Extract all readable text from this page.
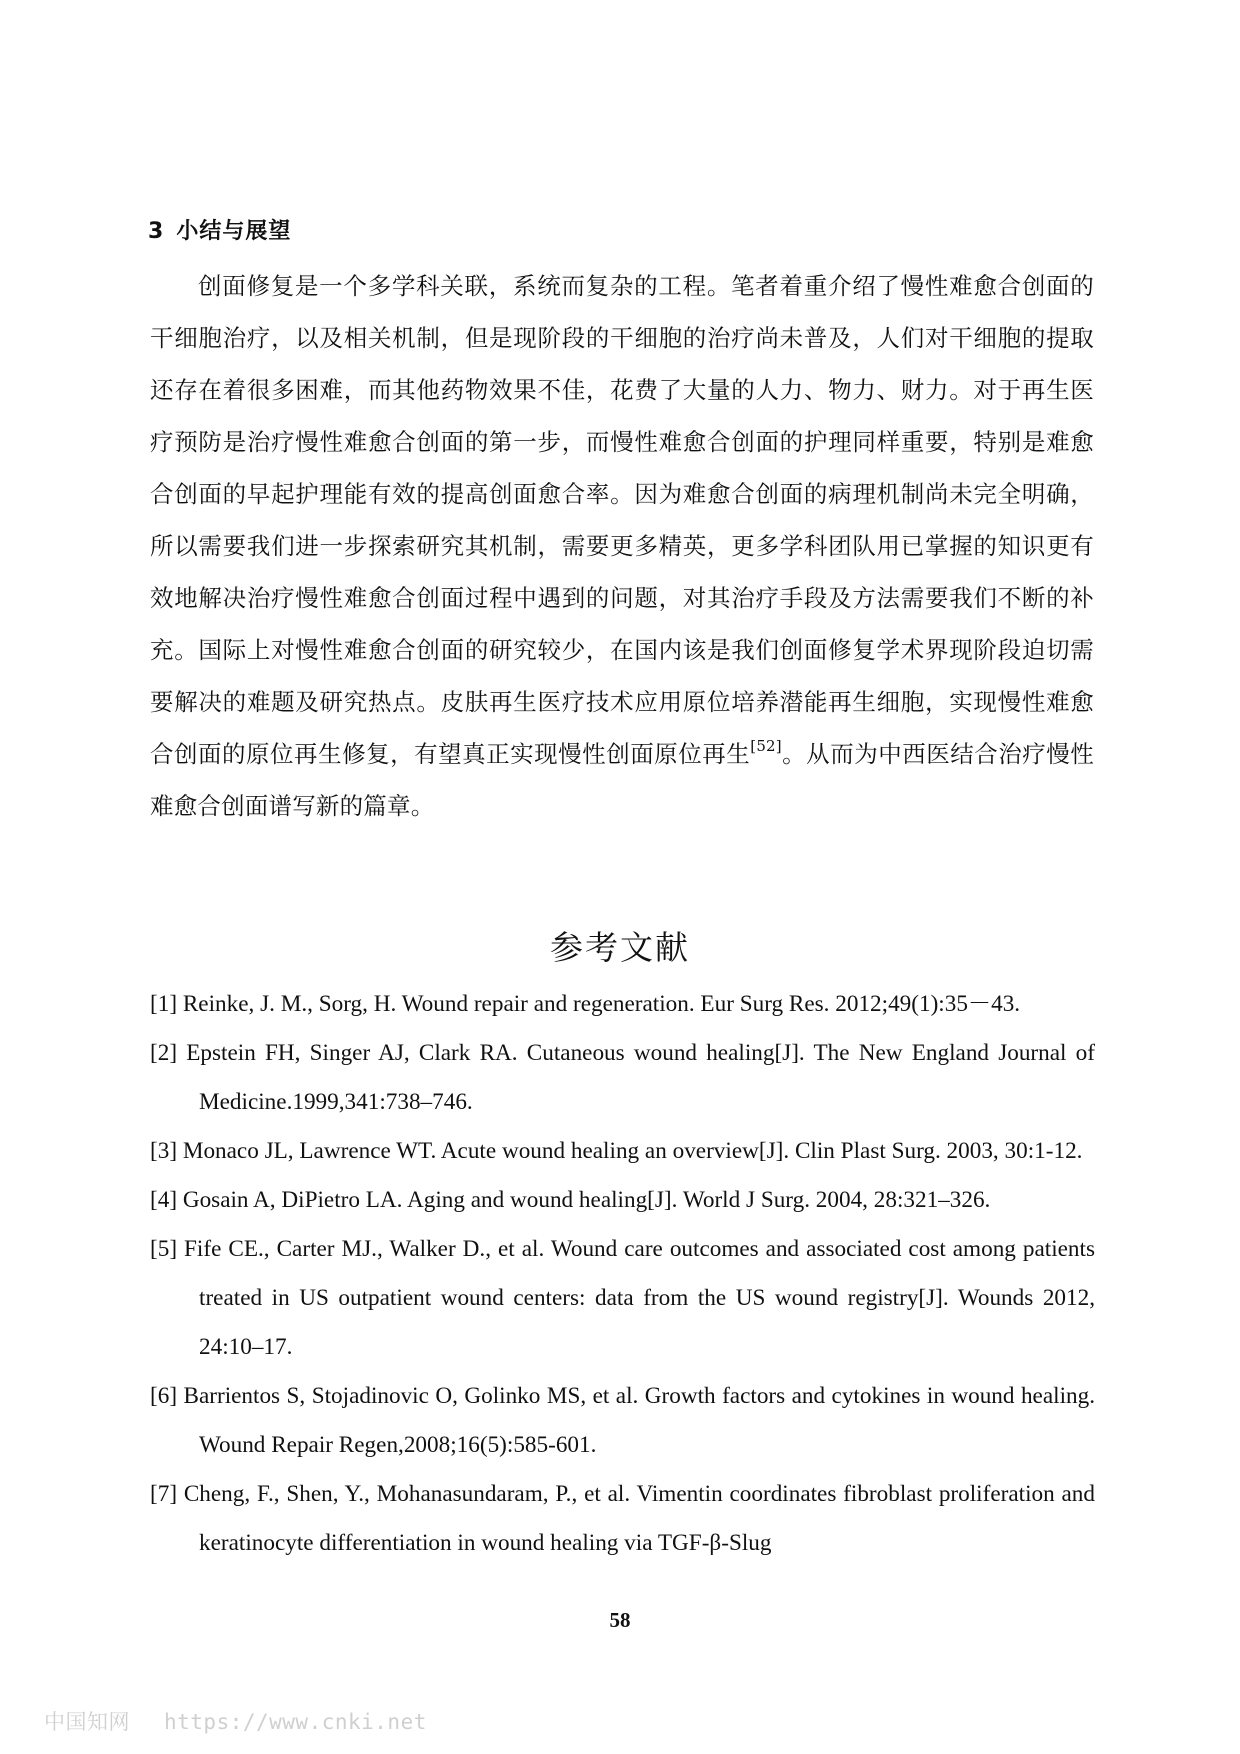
3 小结与展望

创面修复是一个多学科关联，系统而复杂的工程。笔者着重介绍了慢性难愈合创面的干细胞治疗，以及相关机制，但是现阶段的干细胞的治疗尚未普及，人们对干细胞的提取还存在着很多困难，而其他药物效果不佳，花费了大量的人力、物力、财力。对于再生医疗预防是治疗慢性难愈合创面的第一步，而慢性难愈合创面的护理同样重要，特别是难愈合创面的早起护理能有效的提高创面愈合率。因为难愈合创面的病理机制尚未完全明确，所以需要我们进一步探索研究其机制，需要更多精英，更多学科团队用已掌握的知识更有效地解决治疗慢性难愈合创面过程中遇到的问题，对其治疗手段及方法需要我们不断的补充。国际上对慢性难愈合创面的研究较少，在国内该是我们创面修复学术界现阶段迫切需要解决的难题及研究热点。皮肤再生医疗技术应用原位培养潜能再生细胞，实现慢性难愈合创面的原位再生修复，有望真正实现慢性创面原位再生[52]。从而为中西医结合治疗慢性难愈合创面谱写新的篇章。

参考文献

[1] Reinke, J. M., Sorg, H. Wound repair and regeneration. Eur Surg Res. 2012;49(1):35－43.

[2] Epstein FH, Singer AJ, Clark RA. Cutaneous wound healing[J]. The New England Journal of Medicine.1999,341:738–746.

[3] Monaco JL, Lawrence WT. Acute wound healing an overview[J]. Clin Plast Surg. 2003, 30:1-12.

[4] Gosain A, DiPietro LA. Aging and wound healing[J]. World J Surg. 2004, 28:321–326.

[5] Fife CE., Carter MJ., Walker D., et al. Wound care outcomes and associated cost among patients treated in US outpatient wound centers: data from the US wound registry[J]. Wounds 2012, 24:10–17.

[6] Barrientos S, Stojadinovic O, Golinko MS, et al. Growth factors and cytokines in wound healing. Wound Repair Regen,2008;16(5):585-601.

[7] Cheng, F., Shen, Y., Mohanasundaram, P., et al. Vimentin coordinates fibroblast proliferation and keratinocyte differentiation in wound healing via TGF-β-Slug

58
中国知网 https://www.cnki.net
